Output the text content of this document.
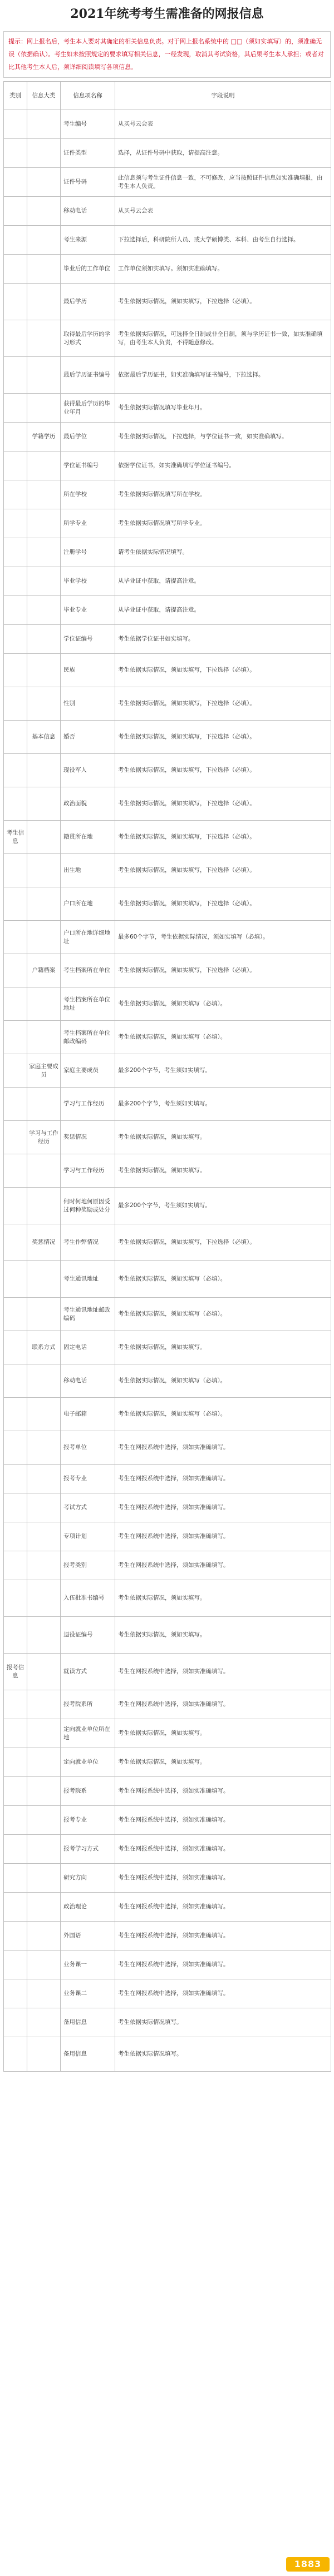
2021年统考考生需准备的网报信息
提示：网上报名后，考生本人要对其确定的相关信息负责。对于网上报名系统中的 □□（须如实填写）的，须准确无误（依据确认）。考生如未按照规定的要求填写相关信息，一经发现，取消其考试资格，其后果考生本人承担；或者对比其他考生本人后，须详细阅读填写各项信息。
类别	信息大类	信息项名称	字段说明
		考生编号	从买号云会表
		证件类型	选择，从证件号码中获取，请提高注意。
		证件号码	此信息须与考生证件信息一致，不可修改，应当按照证件信息如实准确填报，由考生本人负责。
		移动电话	从买号云会表
		考生来源	下拉选择后，科研院所人员、或大学硕博类、本科、由考生自行选择。
		毕业后的工作单位	工作单位须如实填写。须如实准确填写。
		最后学历	考生依据实际情况，须如实填写，下拉选择（必填）。
		取得最后学历的学习形式	考生依据实际情况，可选择全日制或非全日制，须与学历证书一致，如实准确填写，由考生本人负责，不得随意修改。
		最后学历证书编号	依据最后学历证书，如实准确填写证书编号，下拉选择。
		获得最后学历的毕业年月	考生依据实际情况填写毕业年月。
	学籍学历	最后学位	考生依据实际情况，下拉选择，与学位证书一致，如实准确填写。
		学位证书编号	依据学位证书，如实准确填写学位证书编号。
		所在学校	考生依据实际情况填写所在学校。
		所学专业	考生依据实际情况填写所学专业。
		注册学号	请考生依据实际情况填写。
		毕业学校	从毕业证中获取，请提高注意。
		毕业专业	从毕业证中获取，请提高注意。
		学位证编号	考生依据学位证书如实填写。
		民族	考生依据实际情况，须如实填写，下拉选择（必填）。
		性别	考生依据实际情况，须如实填写，下拉选择（必填）。
	基本信息	婚否	考生依据实际情况，须如实填写，下拉选择（必填）。
		现役军人	考生依据实际情况，须如实填写，下拉选择（必填）。
		政治面貌	考生依据实际情况，须如实填写，下拉选择（必填）。
考生信息		籍贯所在地	考生依据实际情况，须如实填写，下拉选择（必填）。
		出生地	考生依据实际情况，须如实填写，下拉选择（必填）。
		户口所在地	考生依据实际情况，须如实填写，下拉选择（必填）。
		户口所在地详细地址	最多60个字节，考生依据实际情况，须如实填写（必填）。
	户籍档案	考生档案所在单位	考生依据实际情况，须如实填写，下拉选择（必填）。
		考生档案所在单位地址	考生依据实际情况，须如实填写（必填）。
		考生档案所在单位邮政编码	考生依据实际情况，须如实填写（必填）。
	家庭主要成员	家庭主要成员	最多200个字节，考生须如实填写。
		学习与工作经历	最多200个字节，考生须如实填写。
	学习与工作经历	奖惩情况	考生依据实际情况，须如实填写。
		学习与工作经历	考生依据实际情况，须如实填写。
		何时何地何原因受过何种奖励或处分	最多200个字节，考生须如实填写。
	奖惩情况	考生作弊情况	考生依据实际情况，须如实填写，下拉选择（必填）。
		考生通讯地址	考生依据实际情况，须如实填写（必填）。
		考生通讯地址邮政编码	考生依据实际情况，须如实填写（必填）。
	联系方式	固定电话	考生依据实际情况，须如实填写。
		移动电话	考生依据实际情况，须如实填写（必填）。
		电子邮箱	考生依据实际情况，须如实填写（必填）。
		报考单位	考生在网报系统中选择，须如实准确填写。
		报考专业	考生在网报系统中选择，须如实准确填写。
		考试方式	考生在网报系统中选择，须如实准确填写。
		专项计划	考生在网报系统中选择，须如实准确填写。
		报考类别	考生在网报系统中选择，须如实准确填写。
		入伍批准书编号	考生依据实际情况，须如实填写。
		退役证编号	考生依据实际情况，须如实填写。
报考信息		就读方式	考生在网报系统中选择，须如实准确填写。
		报考院系所	考生在网报系统中选择，须如实准确填写。
		定向就业单位所在地	考生依据实际情况，须如实填写。
		定向就业单位	考生依据实际情况，须如实填写。
		报考院系	考生在网报系统中选择，须如实准确填写。
		报考专业	考生在网报系统中选择，须如实准确填写。
		报考学习方式	考生在网报系统中选择，须如实准确填写。
		研究方向	考生在网报系统中选择，须如实准确填写。
		政治理论	考生在网报系统中选择，须如实准确填写。
		外国语	考生在网报系统中选择，须如实准确填写。
		业务课一	考生在网报系统中选择，须如实准确填写。
		业务课二	考生在网报系统中选择，须如实准确填写。
		备用信息	考生依据实际情况填写。
		备用信息	考生依据实际情况填写。
1883
